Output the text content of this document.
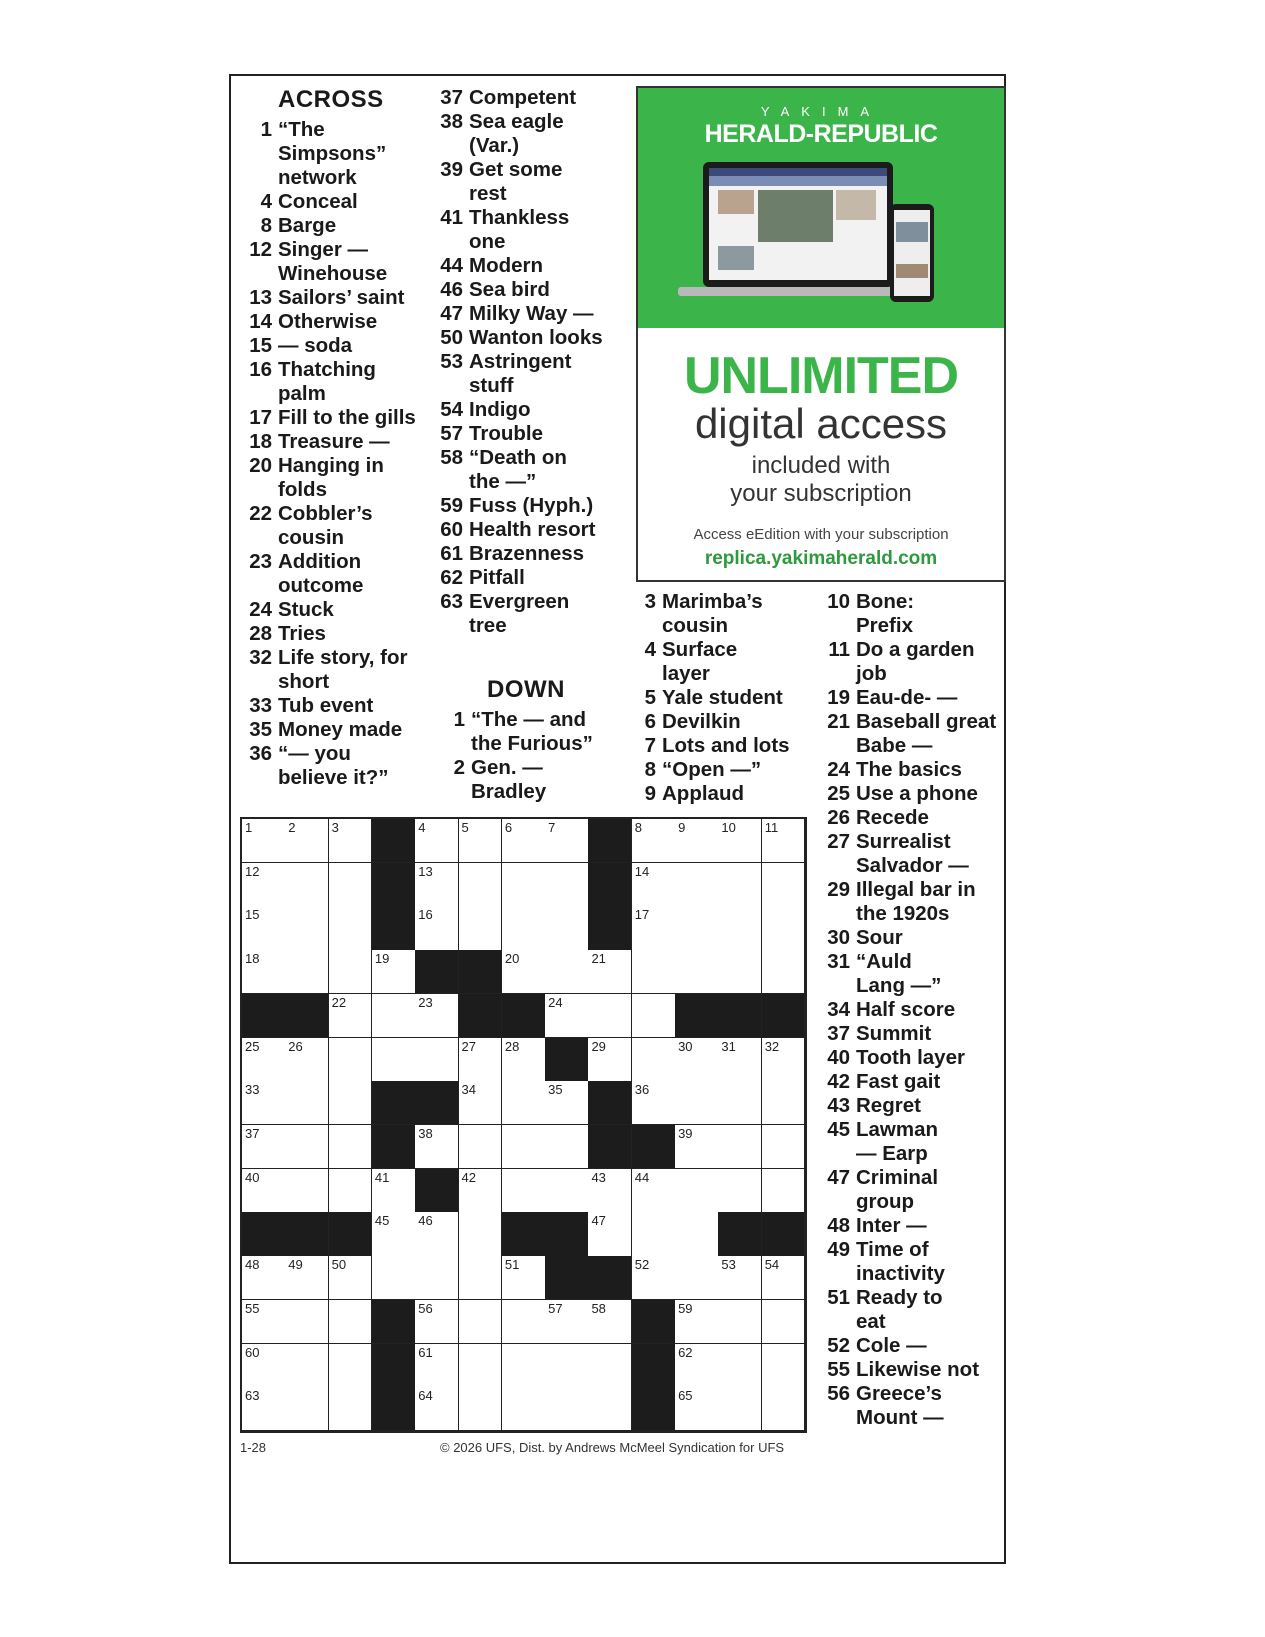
ACROSS
1 “The
Simpsons”
network
4 Conceal
8 Barge
12 Singer —
Winehouse
13 Sailors’ saint
14 Otherwise
15 — soda
16 Thatching
palm
17 Fill to the gills
18 Treasure —
20 Hanging in
folds
22 Cobbler’s
cousin
23 Addition
outcome
24 Stuck
28 Tries
32 Life story, for
short
33 Tub event
35 Money made
36 “— you
believe it?”
37 Competent
38 Sea eagle
(Var.)
39 Get some
rest
41 Thankless
one
44 Modern
46 Sea bird
47 Milky Way —
50 Wanton looks
53 Astringent
stuff
54 Indigo
57 Trouble
58 “Death on
the —”
59 Fuss (Hyph.)
60 Health resort
61 Brazenness
62 Pitfall
63 Evergreen
tree
DOWN
1 “The — and
the Furious”
2 Gen. —
Bradley
3 Marimba’s
cousin
4 Surface
layer
5 Yale student
6 Devilkin
7 Lots and lots
8 “Open —”
9 Applaud
10 Bone:
Prefix
11 Do a garden
job
19 Eau-de- —
21 Baseball great
Babe —
24 The basics
25 Use a phone
26 Recede
27 Surrealist
Salvador —
29 Illegal bar in
the 1920s
30 Sour
31 “Auld
Lang —”
34 Half score
37 Summit
40 Tooth layer
42 Fast gait
43 Regret
45 Lawman
— Earp
47 Criminal
group
48 Inter —
49 Time of
inactivity
51 Ready to
eat
52 Cole —
55 Likewise not
56 Greece’s
Mount —
YAKIMA
HERALD-REPUBLIC
UNLIMITED
digital access
included with
your subscription
Access eEdition with your subscription
replica.yakimaherald.com
1	2	3	4	5	6	7	8	9	10 11
12	13	14
15	16	17
18	19	20	21
22	23	24
25 26	27 28	29	30 31 32
33	34	35	36
37	38	39
40	41	42	43 44
45 46	47
48 49 50	51	52	53 54
55	56	57 58	59
60	61	62
63	64	65
1-28	© 2026 UFS, Dist. by Andrews McMeel Syndication for UFS
